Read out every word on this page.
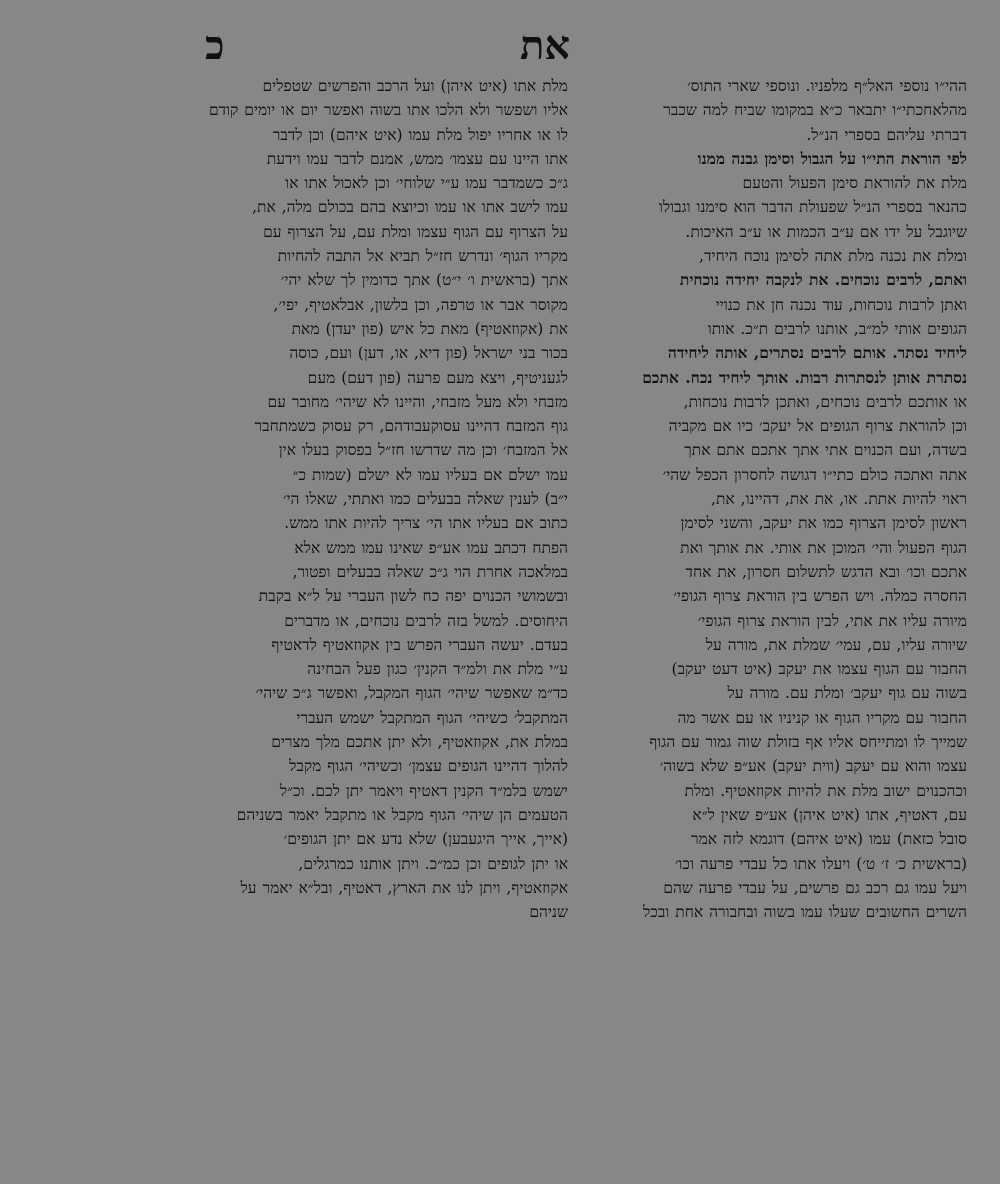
כ	את
ההי״ו נוספי האל״ף מלפניו. ונוספי שארי התוס׳
מהלאחכתי״ו יתבאר כ״א במקומו שביח למה שכבר
דברתי עליהם בספרי הנ״ל.
לפי הוראת התי״ו על הגבול וסימן גבנה ממנו
מלת את להוראת סימן הפעול והטעם
כהנאר בספרי הנ״ל שפעולת הדבר הוא סימנו וגבולו
שיוגבל על ידו אם ע״ב הכמות או ע״ב האיכות.
ומלת את נכנה מלת אתה לסימן נוכח היחיד,
ואתם, לרבים נוכחים. את לנקבה יחידה נוכחית
ואתן לרבות נוכחות, עוד נכנה חן את כנויי
הגופים אותי למ״ב, אותנו לרבים ת״כ. אותו
ליחיד נסתר. אותם לרבים נסתרים, אותה ליחידה
נסתרת אותן לנסתרות רבות. אותך ליחיד נכח. אתכם
או אותכם לרבים נוכחים, ואתכן לרבות נוכחות,
וכן להוראת צרוף הגופים אל יעקב׳ כיו אם מקביה
בשדה, ועם הכנוים אתי אתך אתכם אתם אתך
אתה ואתכה כולם כתי״ו דגושה לחסרון הכפל שהי׳
ראוי להיות אתת. או, את את, דהיינו, את,
ראשון לסימן הצרוף כמו את יעקב, והשני לסימן
הגוף הפעול והי׳ המוכן את אותי. את אותך ואת
אתכם וכו׳ ובא הדגש לתשלום חסרון, את אחד
החסרה כמלה. ויש הפרש בין הוראת צרוף הגופי׳
מיורה עליו את אתי, לבין הוראת צרוף הגופי׳
שיורה עליו, עם, עמי׳ שמלת את, מורה על
החבור עם הגוף עצמו את יעקב (איט דעט יעקב)
בשוה עם גוף יעקב׳ ומלת עם. מורה על
החבור עם מקריו הגוף או קניניו או עם אשר מה
שמייך לו ומתייחס אליו אף בזולת שוה גמור עם הגוף
עצמו והוא עם יעקב (ווית יעקב) אע״פ שלא בשוה׳
וכהכנוים ישוב מלת את להיות אקוזאטיף. ומלת
עם, דאטיף, אתו (איט איהן) אע״פ שאין ל״א
סובל כזאת) עמו (איט איהם) דוגמא לזה אמר
(בראשית כ׳ ז׳ ט׳) ויעלו אתו כל עבדי פרעה וכו׳
ויעל עמו גם רכב גם פרשים, על עבדי פרעה שהם
השרים החשובים שעלו עמו בשוה ובחבורה אחת ובכל
מלת אתו (איט איהן) ועל הרכב והפרשים שטפלים
אליו ושפשר ולא הלכו אתו בשוה ואפשר יום או יומים קודם
לו או אחריו יפול מלת עמו (איט איהם) וכן לדבר
אתו היינו עם עצמו׳ ממש, אמנם לדבר עמו וידעת
ג״כ כשמדבר עמו ע״י שלוחי׳ וכן לאכול אתו או
עמו לישב אתו או עמו וכיוצא בהם בכולם מלה, את,
על הצרוף עם הגוף עצמו ומלת עם, על הצרוף עם
מקריו הגוף׳ ונדרש חז״ל תביא אל התבה להחיות
אתך (בראשית ו׳ י״ט) אתך כדומין לך שלא יהי׳
מקוסר אבר או טרפה, וכן בלשון, אבלאטיף, יפי׳,
את (אקוזאטיף) מאת כל איש (פון יעדן) מאת
בכור בני ישראל (פון דיא, או, דען) ועם, כוסה
לגעניטיף, ויצא מעם פרעה (פון דעם) מעם
מזבחי ולא מעל מזבחי, והיינו לא שיהי׳ מחובר עם
גוף המזבח דהיינו עסוקעבודהם, רק עסוק כשמתחבר
אל המזבח׳ וכן מה שדרשו חז״ל בפסוק בעלו אין
עמו ישלם אם בעליו עמו לא ישלם (שמות כ״
י״ב) לענין שאלה בבעלים כמו ואתתי, שאלו הי׳
כתוב אם בעליו אתו הי׳ צריך להיות אתו ממש.
הפתח דכתב עמו אע״פ שאינו עמו ממש אלא
במלאכה אחרת הוי ג״כ שאלה בבעלים ופטור,
ובשמושי הכנוים יפה כח לשון העברי על ל״א בקבת
היחוסים. למשל בזה לרבים נוכחים, או מדברים
בעדם. יעשה העברי הפרש בין אקוזאטיף לדאטיף
ע״י מלת את ולמ״ד הקנין׳ כגון פעל הבחינה
כד״מ שאפשר שיהי׳ הגוף המקבל, ואפשר ג״כ שיהי׳
המתקבל׳ כשיהי׳ הגוף המתקבל ישמש העברי
במלת את, אקוזאטיף, ולא יתן אתכם מלך מצרים
להלוך דהיינו הגופים עצמן׳ וכשיהי׳ הגוף מקבל
ישמש בלמ״ד הקנין דאטיף ויאמר יתן לכם. וכ״ל
הטעמים הן שיהי׳ הגוף מקבל או מתקבל יאמר בשניהם
(אייך, אייך היגעבען) שלא נדע אם יתן הגופים׳
או יתן לגופים וכן כמ״כ. ויתן אותנו כמרגלים,
אקוזאטיף, ויתן לנו את הארץ, דאטיף, ובל״א יאמר על
שניהם
